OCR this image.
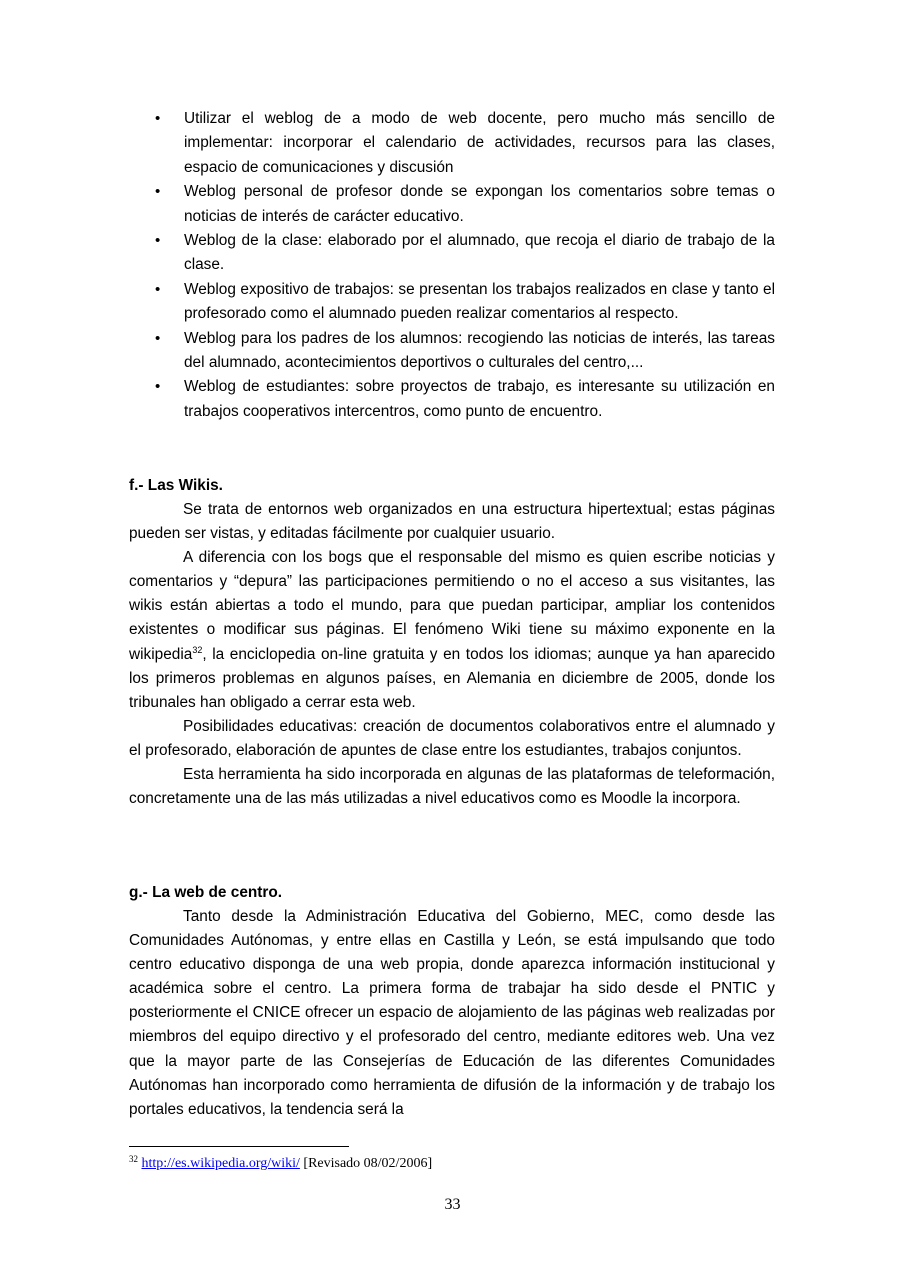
• Utilizar el weblog de a modo de web docente, pero mucho más sencillo de implementar: incorporar el calendario de actividades, recursos para las clases, espacio de comunicaciones y discusión
• Weblog personal de profesor donde se expongan los comentarios sobre temas o noticias de interés de carácter educativo.
• Weblog de la clase: elaborado por el alumnado, que recoja el diario de trabajo de la clase.
• Weblog expositivo de trabajos: se presentan los trabajos realizados en clase y tanto el profesorado como el alumnado pueden realizar comentarios al respecto.
• Weblog para los padres de los alumnos: recogiendo las noticias de interés, las tareas del alumnado, acontecimientos deportivos o culturales del centro,...
• Weblog de estudiantes: sobre proyectos de trabajo, es interesante su utilización en trabajos cooperativos intercentros, como punto de encuentro.
f.- Las Wikis.

Se trata de entornos web organizados en una estructura hipertextual; estas páginas pueden ser vistas, y editadas fácilmente por cualquier usuario.

A diferencia con los bogs que el responsable del mismo es quien escribe noticias y comentarios y “depura” las participaciones permitiendo o no el acceso a sus visitantes, las wikis están abiertas a todo el mundo, para que puedan participar, ampliar los contenidos existentes o modificar sus páginas. El fenómeno Wiki tiene su máximo exponente en la wikipedia$^{32}$, la enciclopedia on-line gratuita y en todos los idiomas; aunque ya han aparecido los primeros problemas en algunos países, en Alemania en diciembre de 2005, donde los tribunales han obligado a cerrar esta web.

Posibilidades educativas: creación de documentos colaborativos entre el alumnado y el profesorado, elaboración de apuntes de clase entre los estudiantes, trabajos conjuntos.

Esta herramienta ha sido incorporada en algunas de las plataformas de teleformación, concretamente una de las más utilizadas a nivel educativos como es Moodle la incorpora.

g.- La web de centro.

Tanto desde la Administración Educativa del Gobierno, MEC, como desde las Comunidades Autónomas, y entre ellas en Castilla y León, se está impulsando que todo centro educativo disponga de una web propia, donde aparezca información institucional y académica sobre el centro. La primera forma de trabajar ha sido desde el PNTIC y posteriormente el CNICE ofrecer un espacio de alojamiento de las páginas web realizadas por miembros del equipo directivo y el profesorado del centro, mediante editores web. Una vez que la mayor parte de las Consejerías de Educación de las diferentes Comunidades Autónomas han incorporado como herramienta de difusión de la información y de trabajo los portales educativos, la tendencia será la

$^{32}$ http://es.wikipedia.org/wiki/ [Revisado 08/02/2006]
33
